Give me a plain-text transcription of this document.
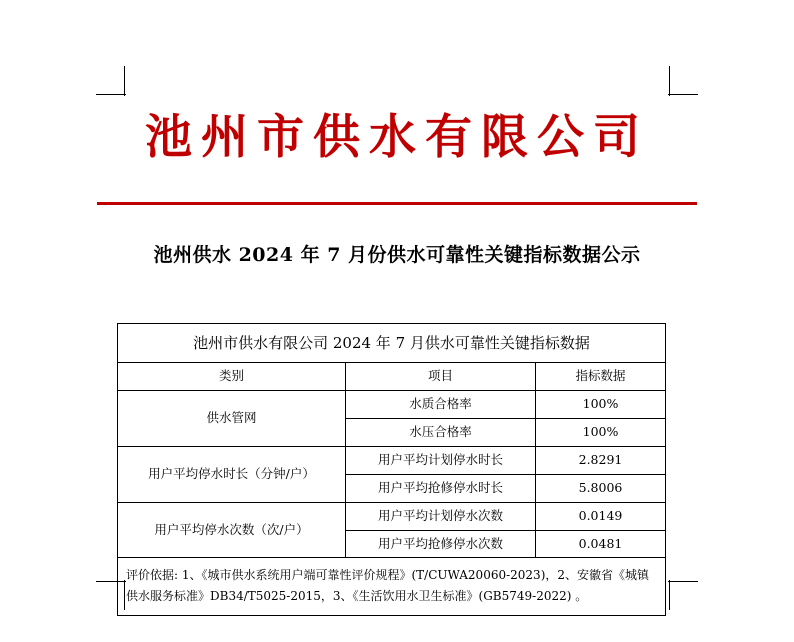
池州市供水有限公司
池州供水 2024 年 7 月份供水可靠性关键指标数据公示
池州市供水有限公司 2024 年 7 月供水可靠性关键指标数据		
类别	项目	指标数据
供水管网	水质合格率	100%
	水压合格率	100%
用户平均停水时长（分钟/户）	用户平均计划停水时长	2.8291
	用户平均抢修停水时长	5.8006
用户平均停水次数（次/户）	用户平均计划停水次数	0.0149
	用户平均抢修停水次数	0.0481
评价依据: 1、《城市供水系统用户端可靠性评价规程》(T/CUWA20060-2023)，2、安徽省《城镇供水服务标准》DB34/T5025-2015，3、《生活饮用水卫生标准》(GB5749-2022) 。		
